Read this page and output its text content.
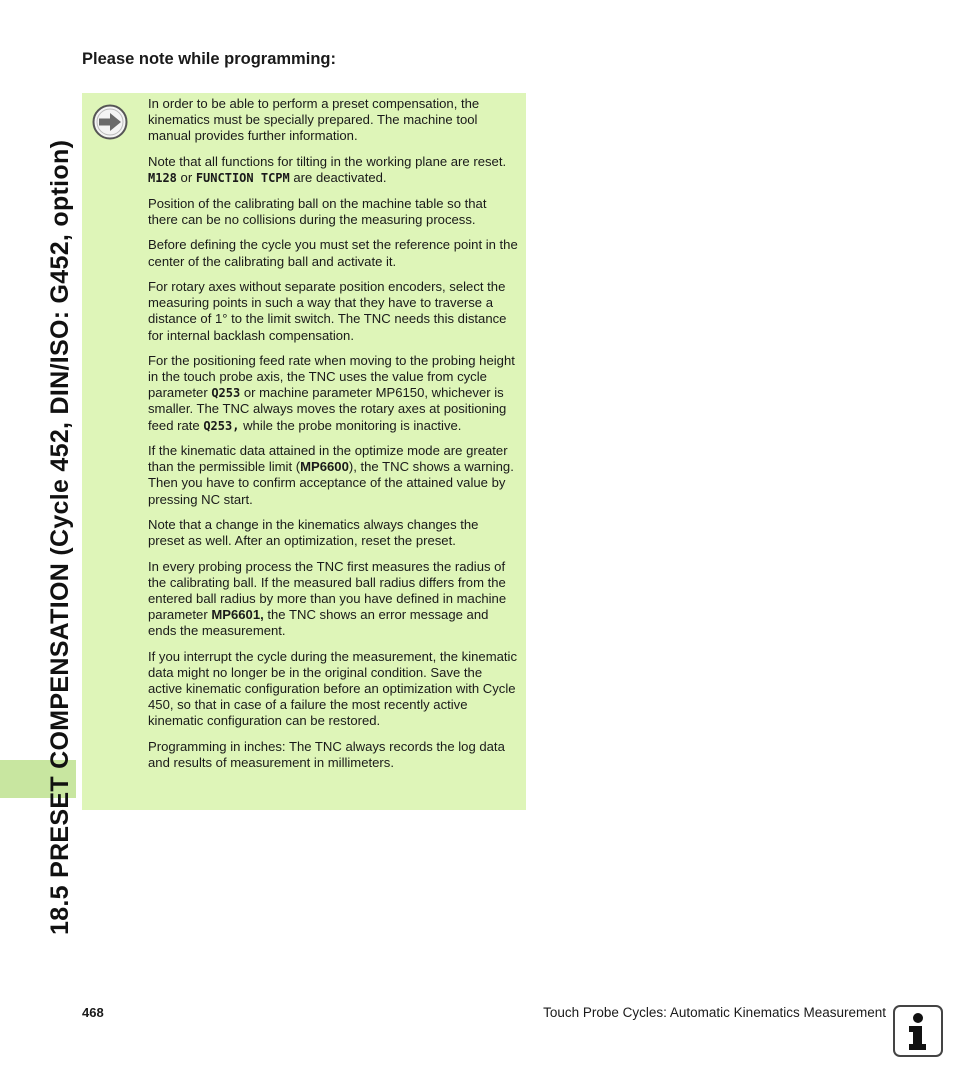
18.5 PRESET COMPENSATION (Cycle 452, DIN/ISO: G452, option)
Please note while programming:

In order to be able to perform a preset compensation, the kinematics must be specially prepared. The machine tool manual provides further information.

Note that all functions for tilting in the working plane are reset. M128 or FUNCTION TCPM are deactivated.

Position of the calibrating ball on the machine table so that there can be no collisions during the measuring process.

Before defining the cycle you must set the reference point in the center of the calibrating ball and activate it.

For rotary axes without separate position encoders, select the measuring points in such a way that they have to traverse a distance of 1° to the limit switch. The TNC needs this distance for internal backlash compensation.

For the positioning feed rate when moving to the probing height in the touch probe axis, the TNC uses the value from cycle parameter Q253 or machine parameter MP6150, whichever is smaller. The TNC always moves the rotary axes at positioning feed rate Q253, while the probe monitoring is inactive.

If the kinematic data attained in the optimize mode are greater than the permissible limit (MP6600), the TNC shows a warning. Then you have to confirm acceptance of the attained value by pressing NC start.

Note that a change in the kinematics always changes the preset as well. After an optimization, reset the preset.

In every probing process the TNC first measures the radius of the calibrating ball. If the measured ball radius differs from the entered ball radius by more than you have defined in machine parameter MP6601, the TNC shows an error message and ends the measurement.

If you interrupt the cycle during the measurement, the kinematic data might no longer be in the original condition. Save the active kinematic configuration before an optimization with Cycle 450, so that in case of a failure the most recently active kinematic configuration can be restored.

Programming in inches: The TNC always records the log data and results of measurement in millimeters.

468	Touch Probe Cycles: Automatic Kinematics Measurement
